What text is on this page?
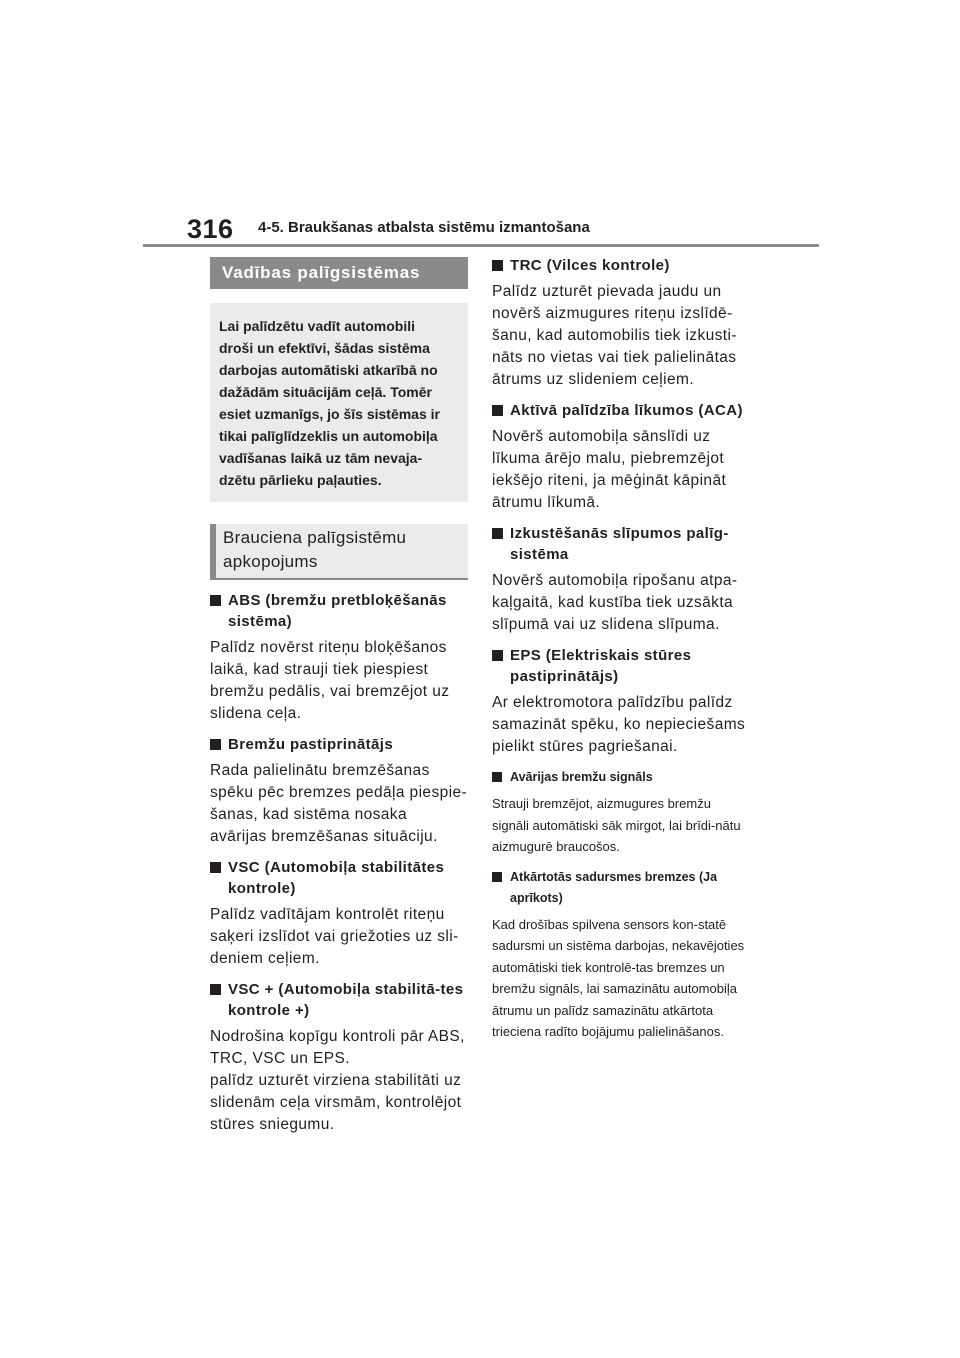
316 4-5. Braukšanas atbalsta sistēmu izmantošana
Vadības palīgsistēmas
Lai palīdzētu vadīt automobili droši un efektīvi, šādas sistēma darbojas automātiski atkarībā no dažādām situācijām ceļā. Tomēr esiet uzmanīgs, jo šīs sistēmas ir tikai palīglīdzeklis un automobiļa vadīšanas laikā uz tām nevaja-dzētu pārlieku paļauties.
Brauciena palīgsistēmu apkopojums
ABS (bremžu pretbloķēšanās sistēma)
Palīdz novērst riteņu bloķēšanos laikā, kad strauji tiek piespiest bremžu pedālis, vai bremzējot uz slidena ceļa.
Bremžu pastiprinātājs
Rada palielinātu bremzēšanas spēku pēc bremzes pedāļa piespie-šanas, kad sistēma nosaka avārijas bremzēšanas situāciju.
VSC (Automobiļa stabilitātes kontrole)
Palīdz vadītājam kontrolēt riteņu saķeri izslīdot vai griežoties uz sli-deniem ceļiem.
VSC + (Automobiļa stabilitā-tes kontrole +)
Nodrošina kopīgu kontroli pār ABS, TRC, VSC un EPS.
palīdz uzturēt virziena stabilitāti uz slidenām ceļa virsmām, kontrolējot stūres sniegumu.
TRC (Vilces kontrole)
Palīdz uzturēt pievada jaudu un novērš aizmugures riteņu izslīdē-šanu, kad automobilis tiek izkusti-nāts no vietas vai tiek palielinātas ātrums uz slideniem ceļiem.
Aktīvā palīdzība līkumos (ACA)
Novērš automobiļa sānslīdi uz līkuma ārējo malu, piebremzējot iekšējo riteni, ja mēģināt kāpināt ātrumu līkumā.
Izkustēšanās slīpumos palīg-sistēma
Novērš automobiļa ripošanu atpa-kaļgaitā, kad kustība tiek uzsākta slīpumā vai uz slidena slīpuma.
EPS (Elektriskais stūres pastiprinātājs)
Ar elektromotora palīdzību palīdz samazināt spēku, ko nepieciešams pielikt stūres pagriešanai.
Avārijas bremžu signāls
Strauji bremzējot, aizmugures bremžu signāli automātiski sāk mirgot, lai brīdi-nātu aizmugurē braucošos.
Atkārtotās sadursmes bremzes (Ja aprīkots)
Kad drošības spilvena sensors kon-statē sadursmi un sistēma darbojas, nekavējoties automātiski tiek kontrolē-tas bremzes un bremžu signāls, lai samazinātu automobiļa ātrumu un palīdz samazinātu atkārtota trieciena radīto bojājumu palielināšanos.
